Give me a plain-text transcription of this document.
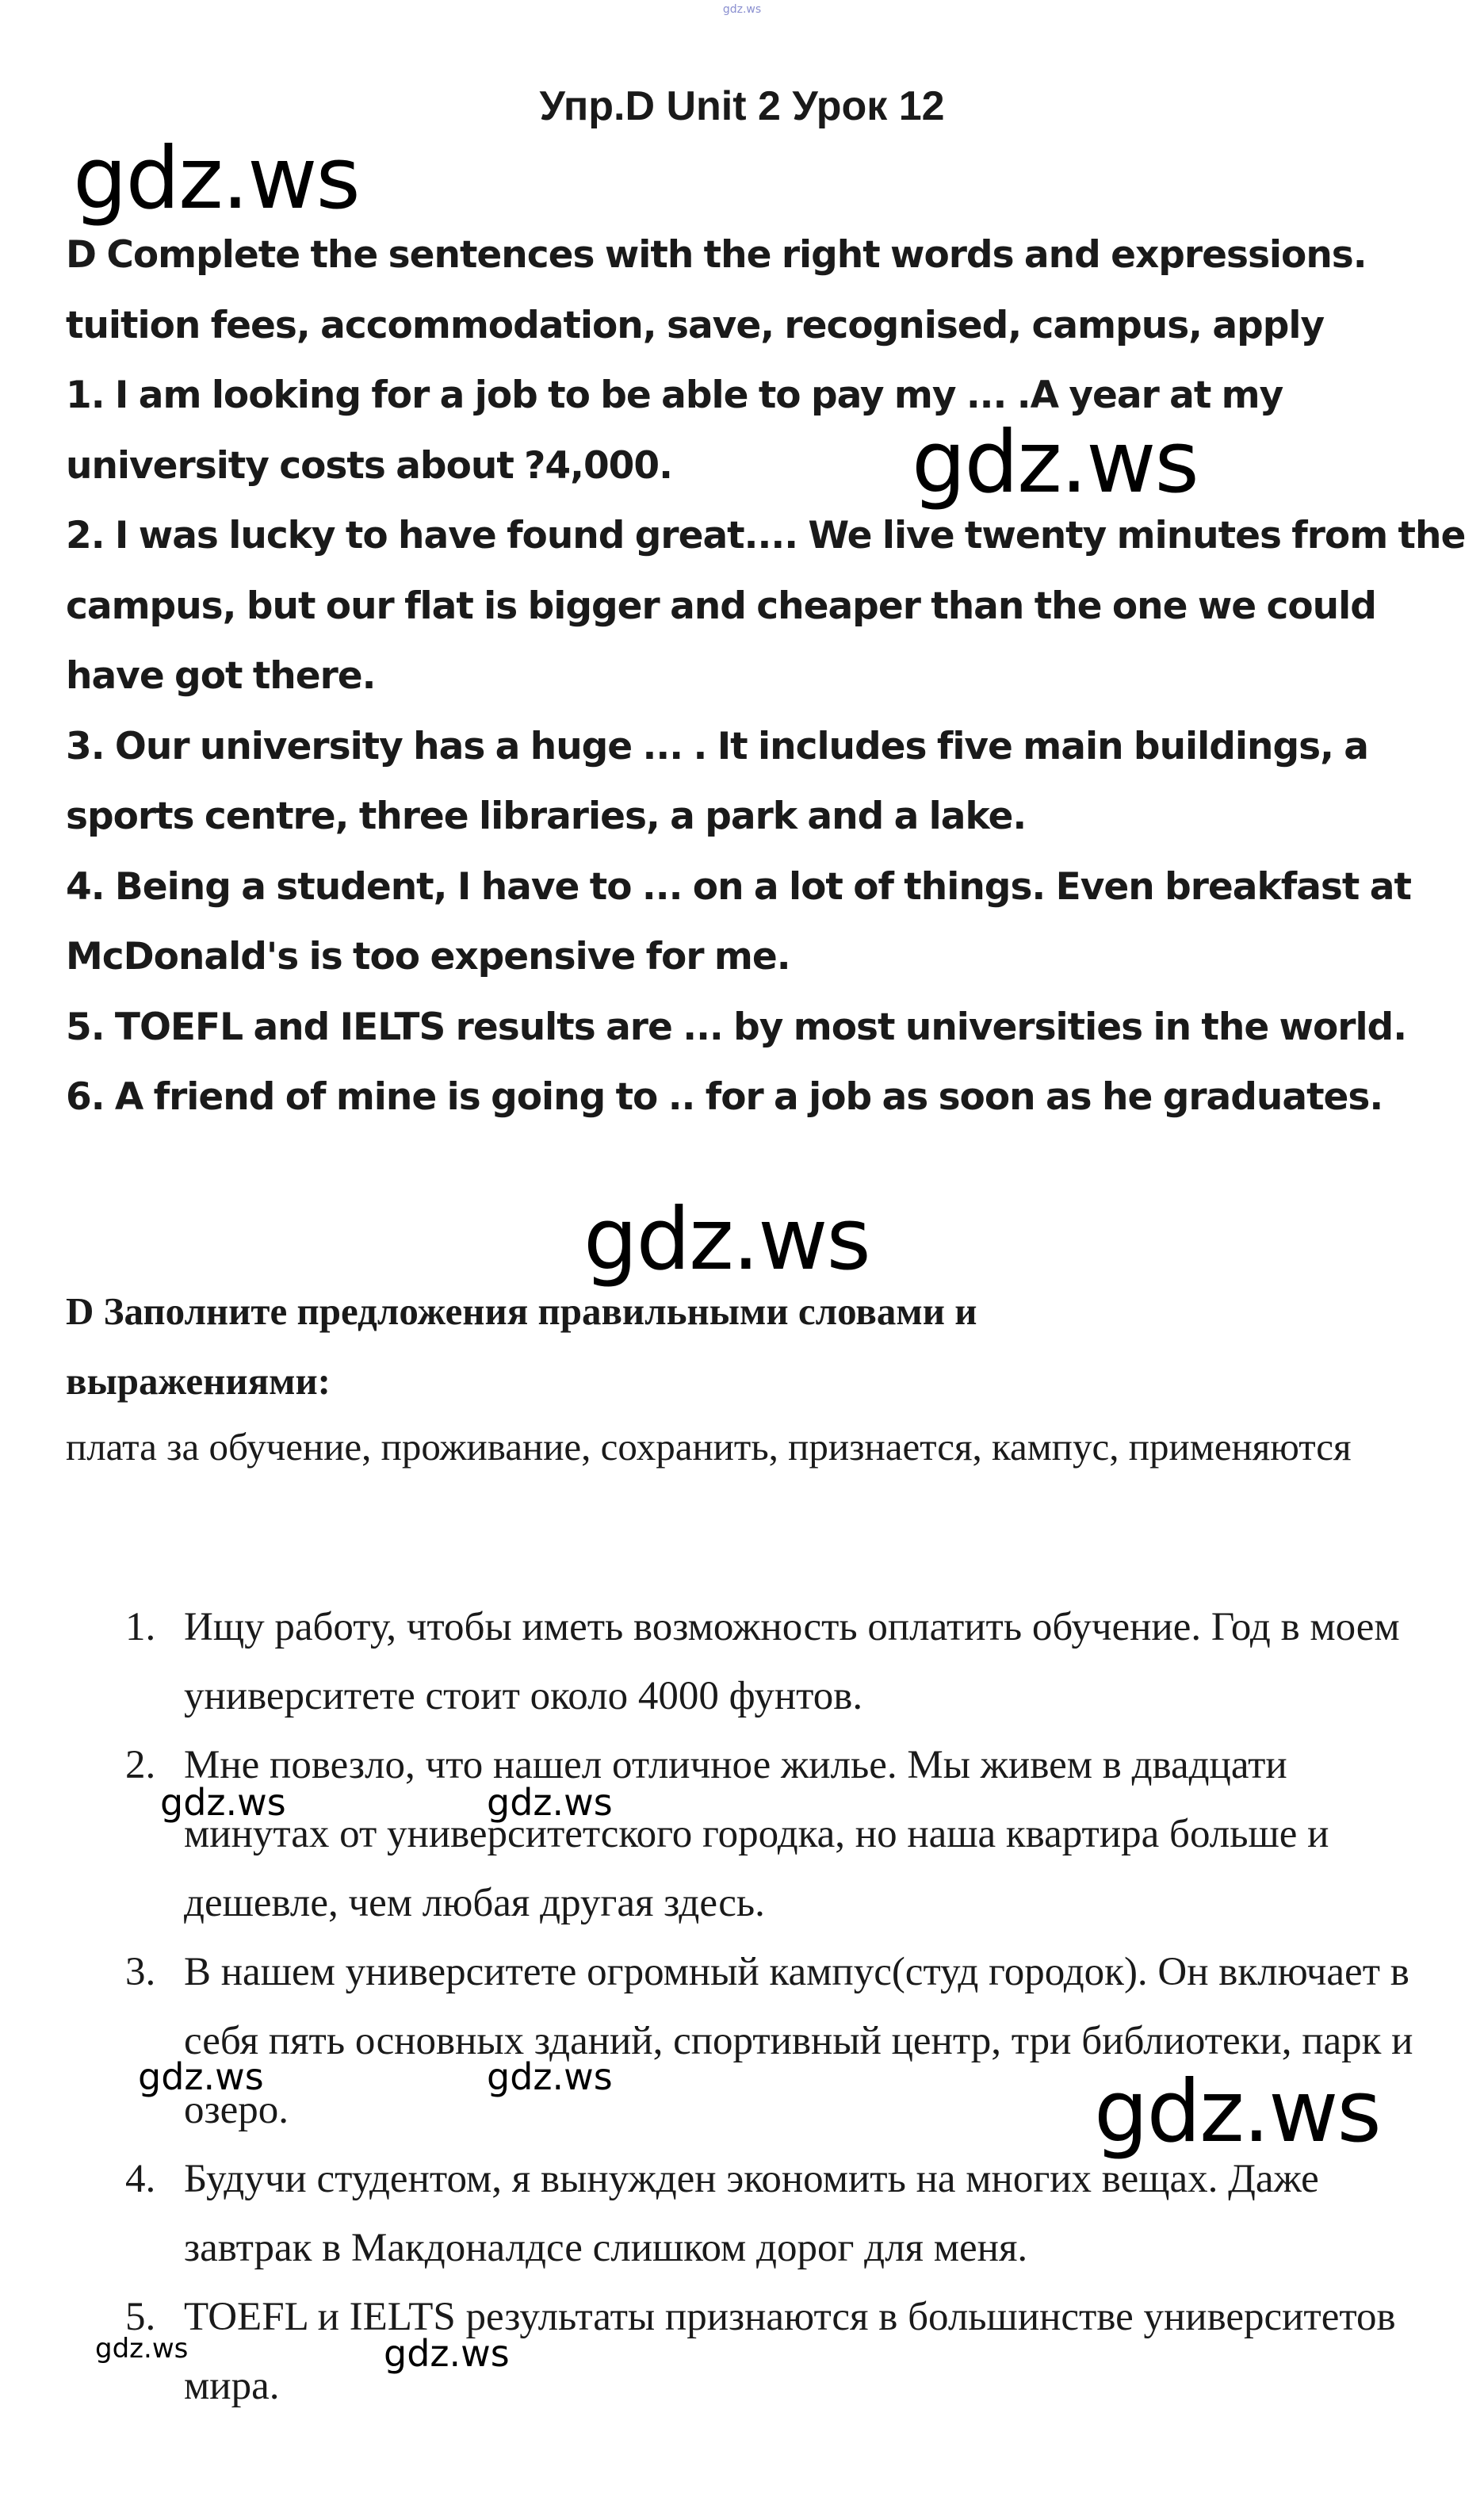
gdz.ws
Упр.D Unit 2 Урок 12

D Complete the sentences with the right words and expressions.

tuition fees, accommodation, save, recognised, campus, apply

1. I am looking for a job to be able to pay my ... .A year at my university costs about ?4,000.

2. I was lucky to have found great.... We live twenty minutes from the campus, but our flat is bigger and cheaper than the one we could have got there.

3. Our university has a huge ... . It includes five main buildings, a sports centre, three libraries, a park and a lake.

4. Being a student, I have to ... on a lot of things. Even breakfast at McDonald's is too expensive for me.

5. TOEFL and IELTS results are ... by most universities in the world.

6. A friend of mine is going to .. for a job as soon as he graduates.

D Заполните предложения правильными словами и

выражениями:

плата за обучение, проживание, сохранить, признается, кампус, применяются
1. Ищу работу, чтобы иметь возможность оплатить обучение. Год в моем университете стоит около 4000 фунтов.
2. Мне повезло, что нашел отличное жилье. Мы живем в двадцати минутах от университетского городка, но наша квартира больше и дешевле, чем любая другая здесь.
3. В нашем университете огромный кампус(студ городок). Он включает в себя пять основных зданий, спортивный центр, три библиотеки, парк и озеро.
4. Будучи студентом, я вынужден экономить на многих вещах. Даже завтрак в Макдоналдсе слишком дорог для меня.
5. TOEFL и IELTS результаты признаются в большинстве университетов мира.
gdz.ws
gdz.ws
gdz.ws
gdz.ws	gdz.ws
gdz.ws	gdz.ws	gdz.ws
gdz.ws	gdz.ws
